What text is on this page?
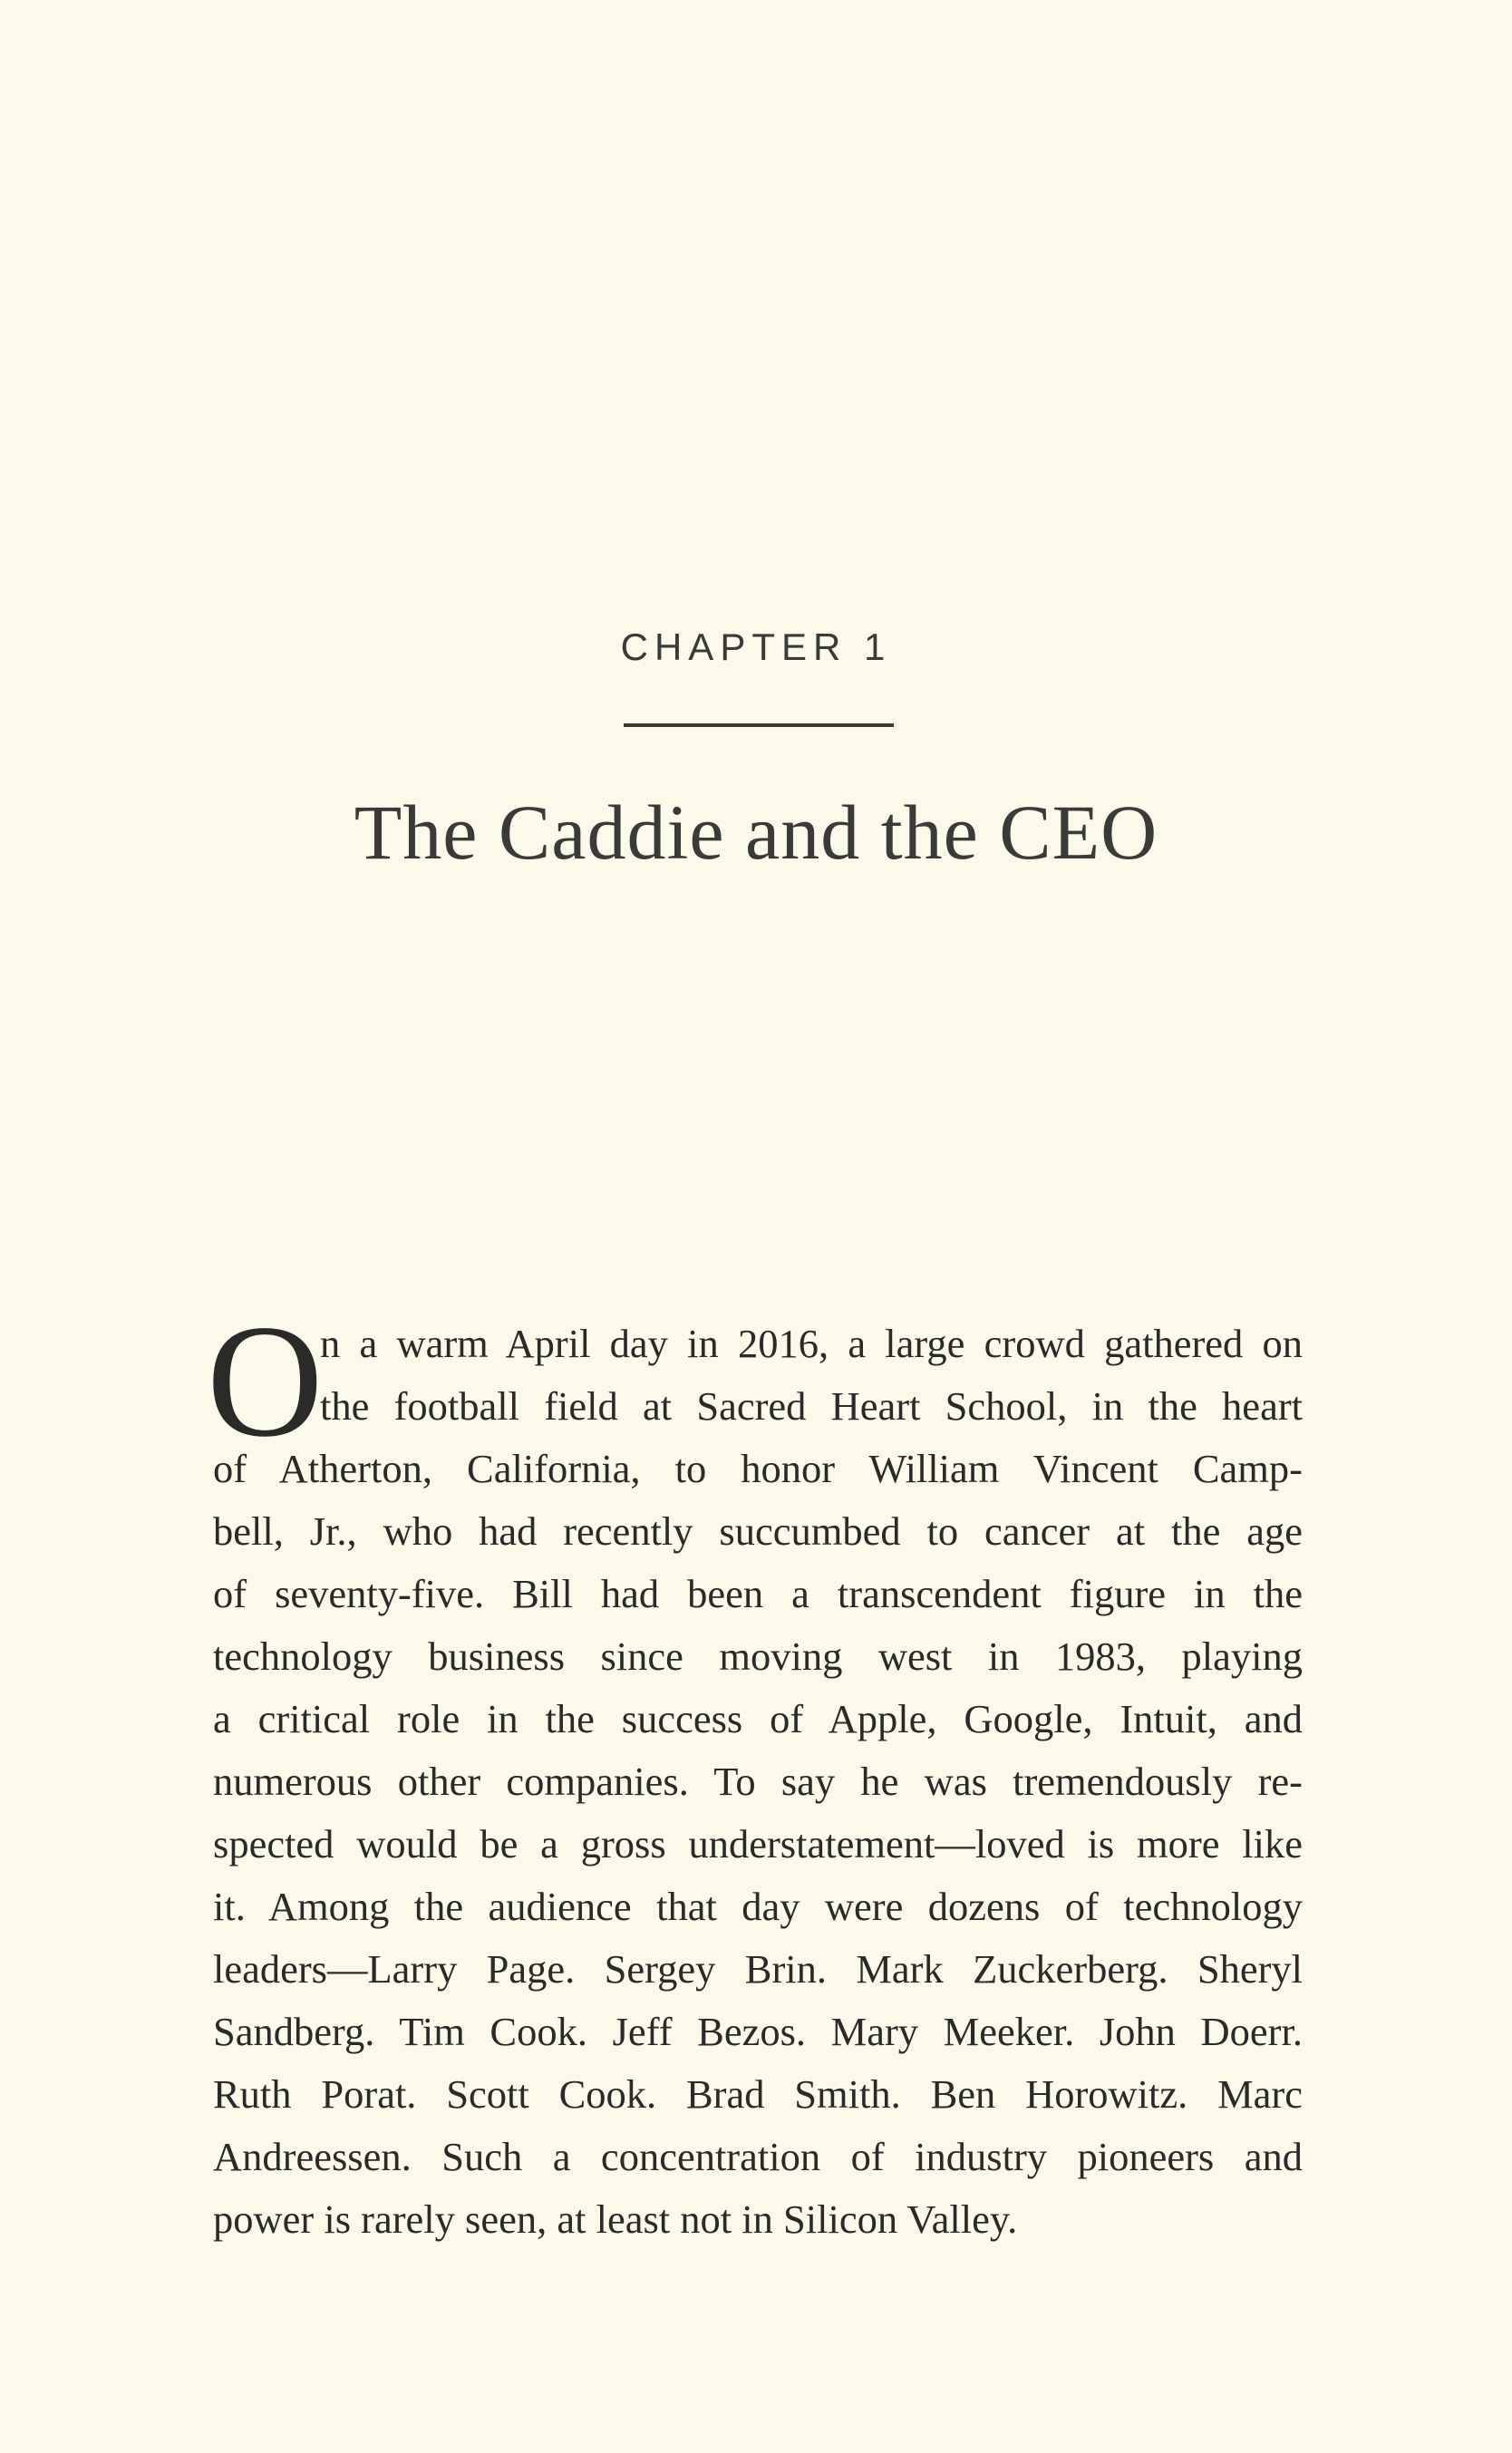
CHAPTER 1
The Caddie and the CEO
O
n a warm April day in 2016, a large crowd gathered on
the football field at Sacred Heart School, in the heart
of Atherton, California, to honor William Vincent Camp-
bell, Jr., who had recently succumbed to cancer at the age
of seventy-five. Bill had been a transcendent figure in the
technology business since moving west in 1983, playing
a critical role in the success of Apple, Google, Intuit, and
numerous other companies. To say he was tremendously re-
spected would be a gross understatement—loved is more like
it. Among the audience that day were dozens of technology
leaders—Larry Page. Sergey Brin. Mark Zuckerberg. Sheryl
Sandberg. Tim Cook. Jeff Bezos. Mary Meeker. John Doerr.
Ruth Porat. Scott Cook. Brad Smith. Ben Horowitz. Marc
Andreessen. Such a concentration of industry pioneers and
power is rarely seen, at least not in Silicon Valley.
